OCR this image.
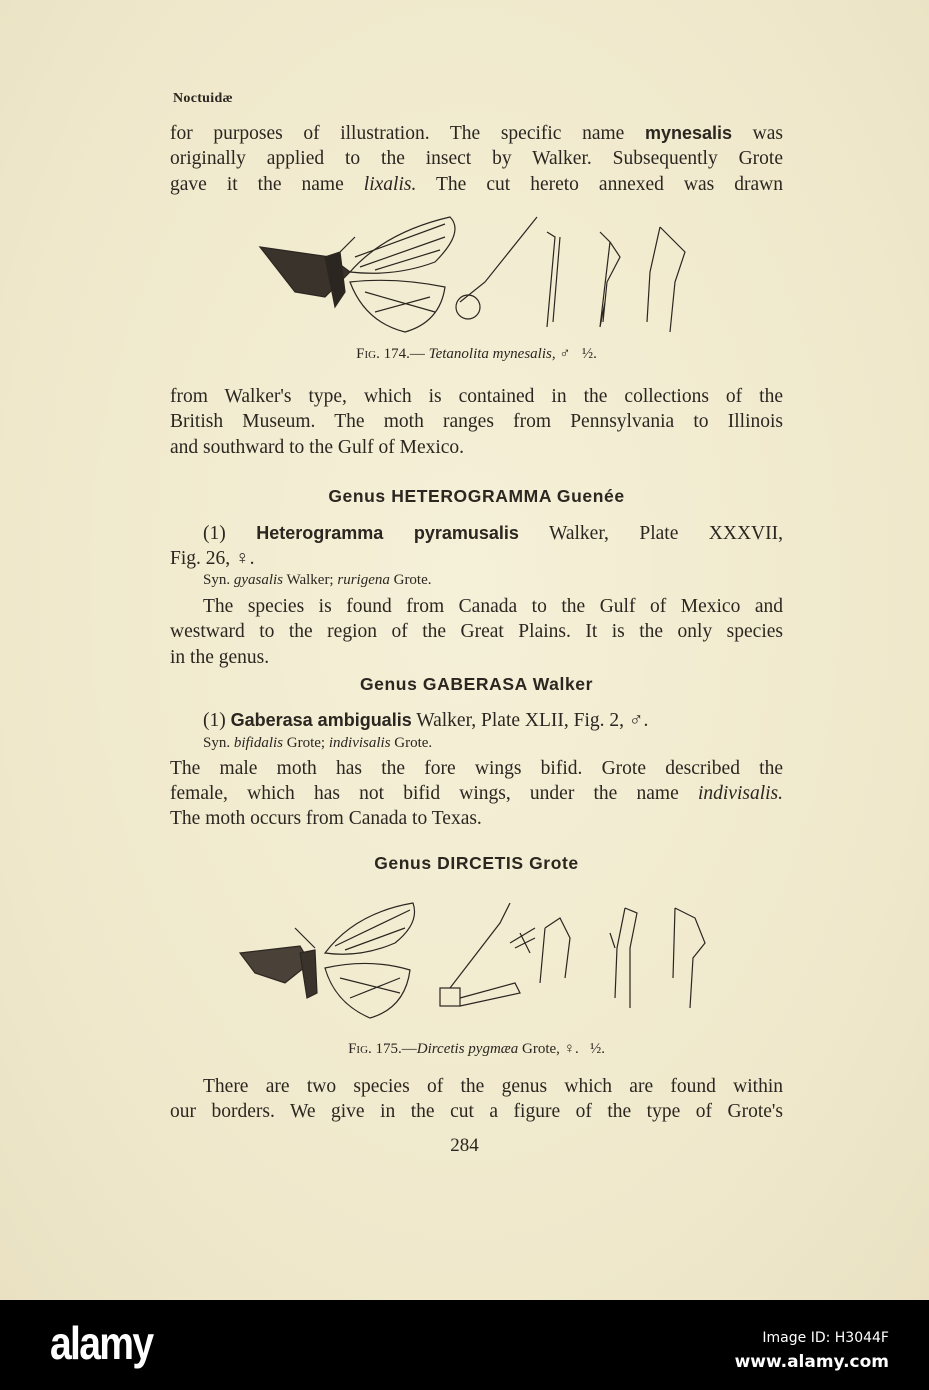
Noctuidæ
for purposes of illustration. The specific name mynesalis was
originally applied to the insect by Walker. Subsequently Grote
gave it the name lixalis. The cut hereto annexed was drawn
Fig. 174.— Tetanolita mynesalis, ♂ ½.
from Walker's type, which is contained in the collections of the
British Museum. The moth ranges from Pennsylvania to Illinois
and southward to the Gulf of Mexico.
Genus HETEROGRAMMA Guenée
(1) Heterogramma pyramusalis Walker, Plate XXXVII,
Fig. 26, ♀.
Syn. gyasalis Walker; rurigena Grote.
The species is found from Canada to the Gulf of Mexico and
westward to the region of the Great Plains. It is the only species
in the genus.
Genus GABERASA Walker
(1) Gaberasa ambigualis Walker, Plate XLII, Fig. 2, ♂.
Syn. bifidalis Grote; indivisalis Grote.
The male moth has the fore wings bifid. Grote described the
female, which has not bifid wings, under the name indivisalis.
The moth occurs from Canada to Texas.
Genus DIRCETIS Grote
Fig. 175.—Dircetis pygmæa Grote, ♀. ½.
There are two species of the genus which are found within
our borders. We give in the cut a figure of the type of Grote's
284
alamy	Image ID: H3044F
www.alamy.com
